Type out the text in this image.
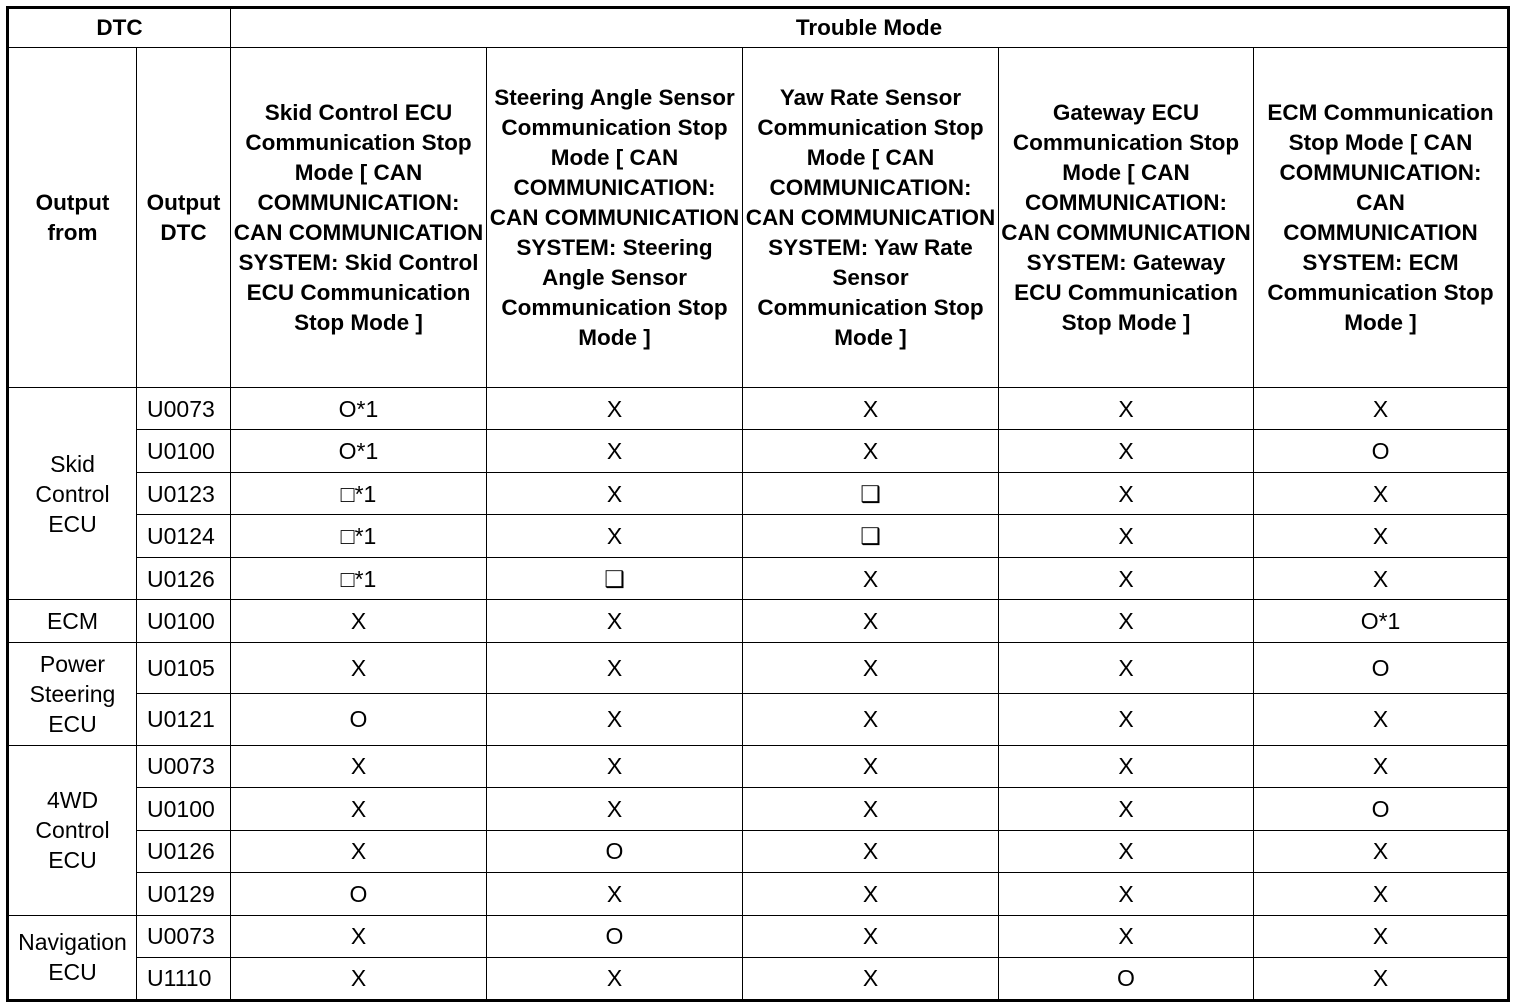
DTC		Trouble Mode				
Output from	Output DTC	Skid Control ECU Communication Stop Mode [ CAN COMMUNICATION: CAN COMMUNICATION SYSTEM: Skid Control ECU Communication Stop Mode ]	Steering Angle Sensor Communication Stop Mode [ CAN COMMUNICATION: CAN COMMUNICATION SYSTEM: Steering Angle Sensor Communication Stop Mode ]	Yaw Rate Sensor Communication Stop Mode [ CAN COMMUNICATION: CAN COMMUNICATION SYSTEM: Yaw Rate Sensor Communication Stop Mode ]	Gateway ECU Communication Stop Mode [ CAN COMMUNICATION: CAN COMMUNICATION SYSTEM: Gateway ECU Communication Stop Mode ]	ECM Communication Stop Mode [ CAN COMMUNICATION: CAN COMMUNICATION SYSTEM: ECM Communication Stop Mode ]
Skid Control ECU	U0073	O*1	X	X	X	X
	U0100	O*1	X	X	X	O
	U0123	□*1	X	❑	X	X
	U0124	□*1	X	❑	X	X
	U0126	□*1	❑	X	X	X
ECM	U0100	X	X	X	X	O*1
Power Steering ECU	U0105	X	X	X	X	O
	U0121	O	X	X	X	X
4WD Control ECU	U0073	X	X	X	X	X
	U0100	X	X	X	X	O
	U0126	X	O	X	X	X
	U0129	O	X	X	X	X
Navigation ECU	U0073	X	O	X	X	X
	U1110	X	X	X	O	X
